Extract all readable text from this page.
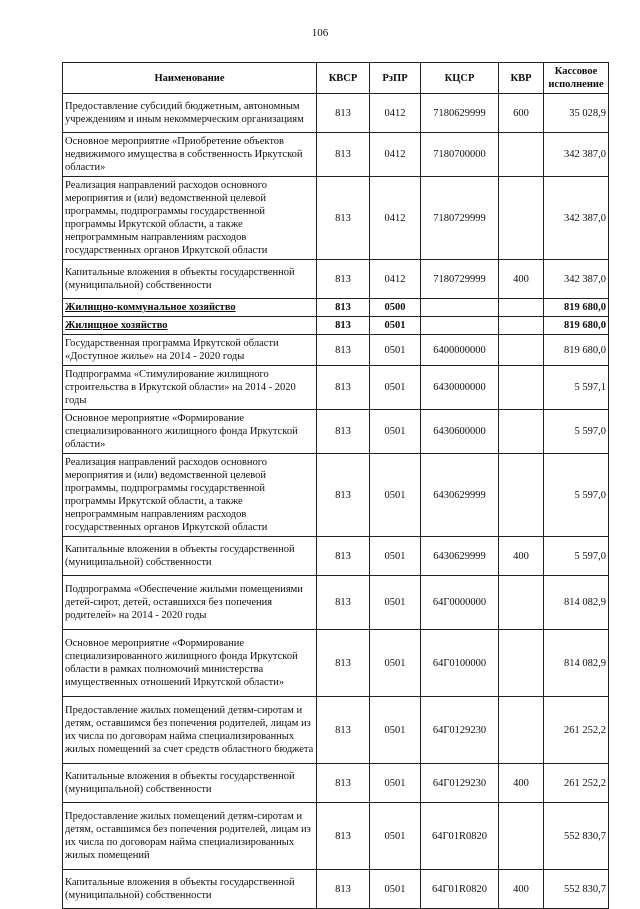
106
Наименование	КВСР	РзПР	КЦСР	КВР	Кассовое исполнение
Предоставление субсидий бюджетным, автономным учреждениям и иным некоммерческим организациям	813	0412	7180629999	600	35 028,9
Основное мероприятие «Приобретение объектов недвижимого имущества в собственность Иркутской области»	813	0412	7180700000		342 387,0
Реализация направлений расходов основного мероприятия и (или) ведомственной целевой программы, подпрограммы государственной программы Иркутской области, а также непрограммным направлениям расходов государственных органов Иркутской области	813	0412	7180729999		342 387,0
Капитальные вложения в объекты государственной (муниципальной) собственности	813	0412	7180729999	400	342 387,0
Жилищно-коммунальное хозяйство	813	0500			819 680,0
Жилищное хозяйство	813	0501			819 680,0
Государственная программа Иркутской области «Доступное жилье» на 2014 - 2020 годы	813	0501	6400000000		819 680,0
Подпрограмма «Стимулирование жилищного строительства в Иркутской области» на 2014 - 2020 годы	813	0501	6430000000		5 597,1
Основное мероприятие «Формирование специализированного жилищного фонда Иркутской области»	813	0501	6430600000		5 597,0
Реализация направлений расходов основного мероприятия и (или) ведомственной целевой программы, подпрограммы государственной программы Иркутской области, а также непрограммным направлениям расходов государственных органов Иркутской области	813	0501	6430629999		5 597,0
Капитальные вложения в объекты государственной (муниципальной) собственности	813	0501	6430629999	400	5 597,0
Подпрограмма «Обеспечение жилыми помещениями детей-сирот, детей, оставшихся без попечения родителей» на 2014 - 2020 годы	813	0501	64Г0000000		814 082,9
Основное мероприятие «Формирование специализированного жилищного фонда Иркутской области в рамках полномочий министерства имущественных отношений Иркутской области»	813	0501	64Г0100000		814 082,9
Предоставление жилых помещений детям-сиротам и детям, оставшимся без попечения родителей, лицам из их числа по договорам найма специализированных жилых помещений за счет средств областного бюджета	813	0501	64Г0129230		261 252,2
Капитальные вложения в объекты государственной (муниципальной) собственности	813	0501	64Г0129230	400	261 252,2
Предоставление жилых помещений детям-сиротам и детям, оставшимся без попечения родителей, лицам из их числа по договорам найма специализированных жилых помещений	813	0501	64Г01R0820		552 830,7
Капитальные вложения в объекты государственной (муниципальной) собственности	813	0501	64Г01R0820	400	552 830,7
